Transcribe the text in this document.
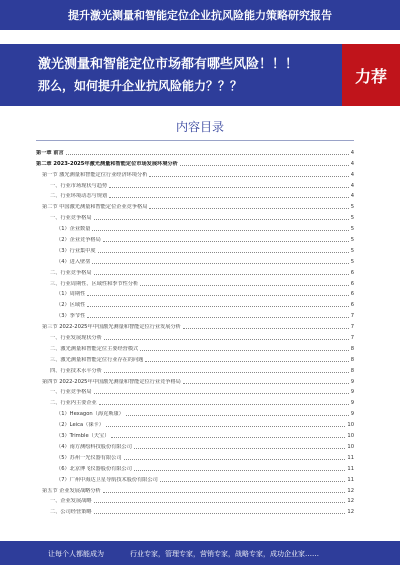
提升激光测量和智能定位企业抗风险能力策略研究报告
激光测量和智能定位市场都有哪些风险！！！
那么，如何提升企业抗风险能力？？？
力荐
内容目录
第一章 前言	4
第二章 2023-2025年激光测量和智能定位市场发展环境分析	4
第一节 激光测量和智能定位行业经济环境分析	4
一、行业市场现状与趋势	4
二、行业环境动态与规划	4
第二节 中国激光测量和智能定位企业竞争格局	5
一、行业竞争格局	5
（1）企业数量	5
（2）企业竞争格局	5
（3）行业集中度	5
（4）进入壁垒	5
二、行业竞争格局	6
三、行业周期性、区域性和季节性分析	6
（1）周期性	6
（2）区域性	6
（3）季节性	7
第三节 2022-2025年中国激光测量和智能定位行业发展分析	7
一、行业发展现状分析	7
二、激光测量和智能定位主要经营模式	8
三、激光测量和智能定位行业存在的问题	8
四、行业技术水平分析	8
第四节 2022-2025年中国激光测量和智能定位行业竞争格局	9
一、行业竞争格局	9
二、行业内主要企业	9
（1）Hexagon（海克斯康）	9
（2）Leica（徕卡）	10
（3）Trimble（天宝）	10
（4）南方测绘科技股份有限公司	10
（5）苏州一光仪器有限公司	11
（6）北京博飞仪器股份有限公司	11
（7）广州中海达卫星导航技术股份有限公司	11
第五节 企业发展战略分析	12
一、企业发展战略	12
二、公司经营策略	12
让每个人都能成为	行业专家，管理专家，营销专家，战略专家，成功企业家……
